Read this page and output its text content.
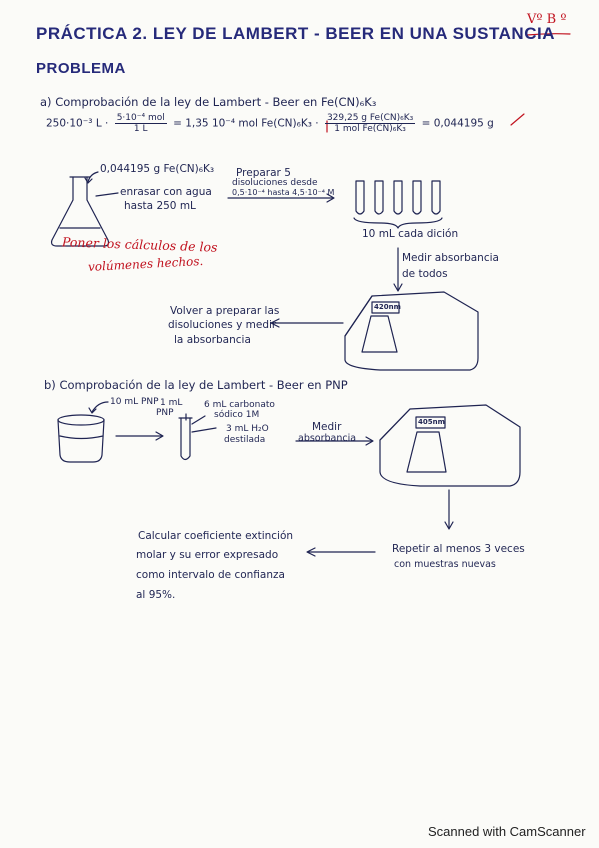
PRÁCTICA 2. LEY DE LAMBERT - BEER EN UNA SUSTANCIA
PROBLEMA
Vº B º
a) Comprobación de la ley de Lambert - Beer en Fe(CN)₆K₃
250·10⁻³ $L \cdot \frac{\text{5·10⁻⁴ mol}}{1 L} = 1,35$ 10⁻⁴ mol $Fe(CN)_6K_3 \cdot \frac{\text{329,25 g Fe(CN)₆K₃}}{\text{1 mol Fe(CN)₆K₃}} = 0,044195$ g
0,044195 g Fe(CN)₆K₃
enrasar con agua
hasta 250 mL
Preparar 5
disoluciones desde
0,5·10⁻⁴ hasta 4,5·10⁻⁴ M
10 mL cada dición
Medir absorbancia
de todos
420nm
Volver a preparar las
disoluciones y medir
la absorbancia
Poner los cálculos de los
volúmenes hechos.
b) Comprobación de la ley de Lambert - Beer en PNP
10 mL PNP 1 mL
PNP
6 mL carbonato
sódico 1M
3 mL H₂O
destilada
Medir
absorbancia
405nm
Repetir al menos 3 veces
con muestras nuevas
Calcular coeficiente extinción
molar y su error expresado
como intervalo de confianza
al 95%.
Scanned with CamScanner
